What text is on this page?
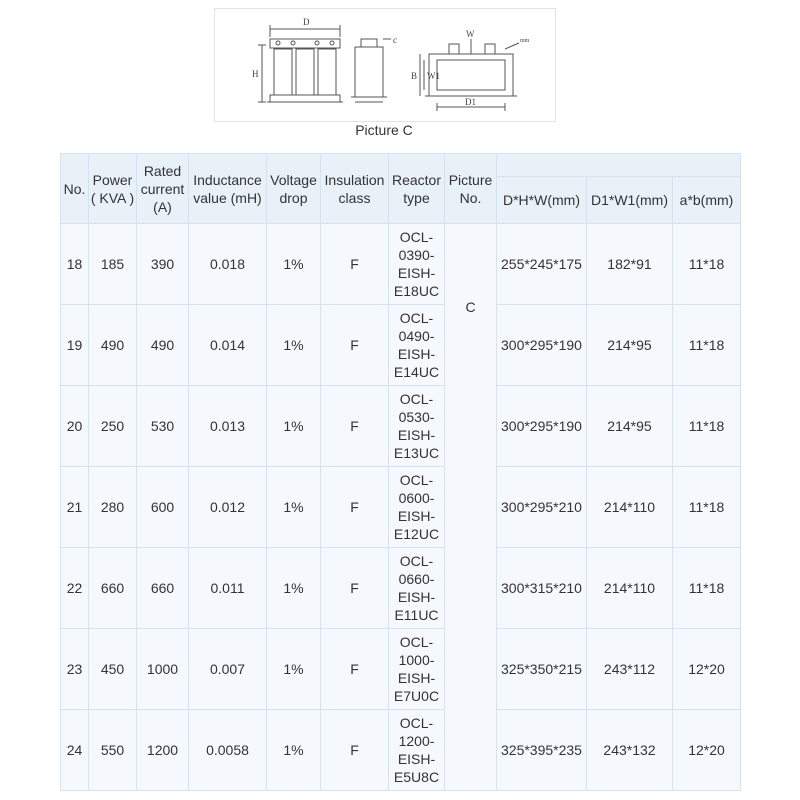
D
H
c
B
W
W1
D1
mm
Picture C
No.	Power ( KVA )	Rated current (A)	Inductance value (mH)	Voltage drop	Insulation class	Reactor type	Picture No.			
								D*H*W(mm)	D1*W1(mm)	a*b(mm)
18	185	390	0.018	1%	F	OCL-0390-EISH-E18UC	C	255*245*175	182*91	11*18
19	490	490	0.014	1%	F	OCL-0490-EISH-E14UC		300*295*190	214*95	11*18
20	250	530	0.013	1%	F	OCL-0530-EISH-E13UC		300*295*190	214*95	11*18
21	280	600	0.012	1%	F	OCL-0600-EISH-E12UC		300*295*210	214*110	11*18
22	660	660	0.011	1%	F	OCL-0660-EISH-E11UC		300*315*210	214*110	11*18
23	450	1000	0.007	1%	F	OCL-1000-EISH-E7U0C		325*350*215	243*112	12*20
24	550	1200	0.0058	1%	F	OCL-1200-EISH-E5U8C		325*395*235	243*132	12*20
